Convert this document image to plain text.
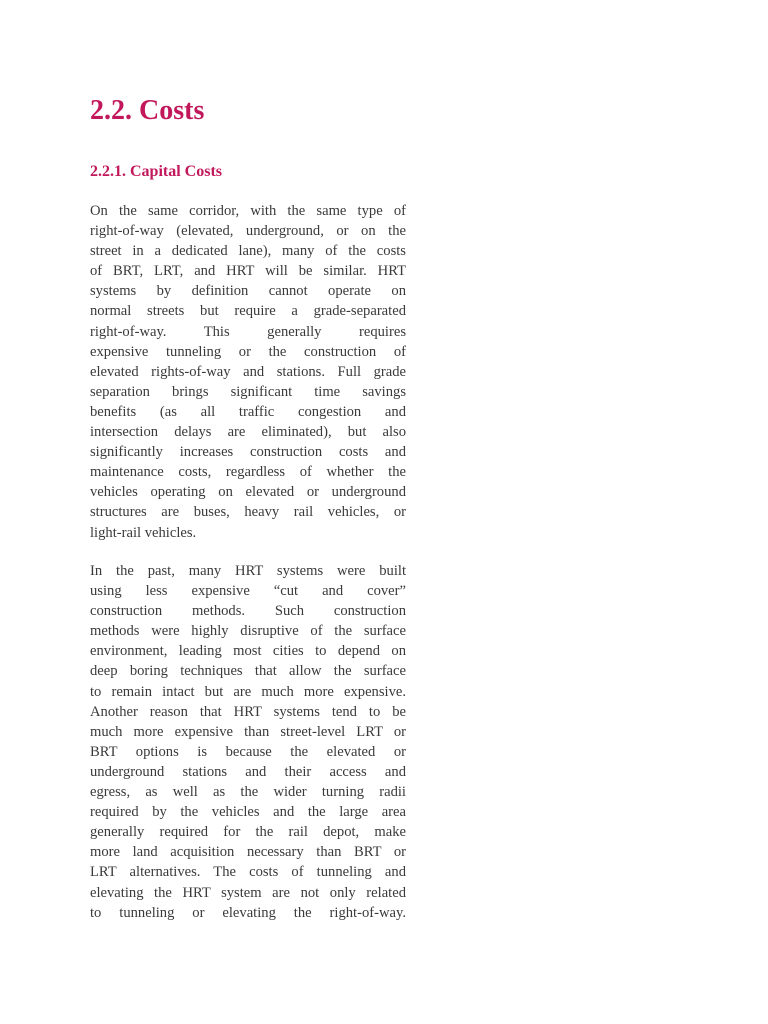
2.2. Costs
2.2.1. Capital Costs

On the same corridor, with the same type of
right-of-way (elevated, underground, or on the
street in a dedicated lane), many of the costs
of BRT, LRT, and HRT will be similar. HRT
systems by definition cannot operate on
normal streets but require a grade-separated
right-of-way. This generally requires
expensive tunneling or the construction of
elevated rights-of-way and stations. Full grade
separation brings significant time savings
benefits (as all traffic congestion and
intersection delays are eliminated), but also
significantly increases construction costs and
maintenance costs, regardless of whether the
vehicles operating on elevated or underground
structures are buses, heavy rail vehicles, or
light-rail vehicles.

In the past, many HRT systems were built
using less expensive “cut and cover”
construction methods. Such construction
methods were highly disruptive of the surface
environment, leading most cities to depend on
deep boring techniques that allow the surface
to remain intact but are much more expensive.
Another reason that HRT systems tend to be
much more expensive than street-level LRT or
BRT options is because the elevated or
underground stations and their access and
egress, as well as the wider turning radii
required by the vehicles and the large area
generally required for the rail depot, make
more land acquisition necessary than BRT or
LRT alternatives. The costs of tunneling and
elevating the HRT system are not only related
to tunneling or elevating the right-of-way.
